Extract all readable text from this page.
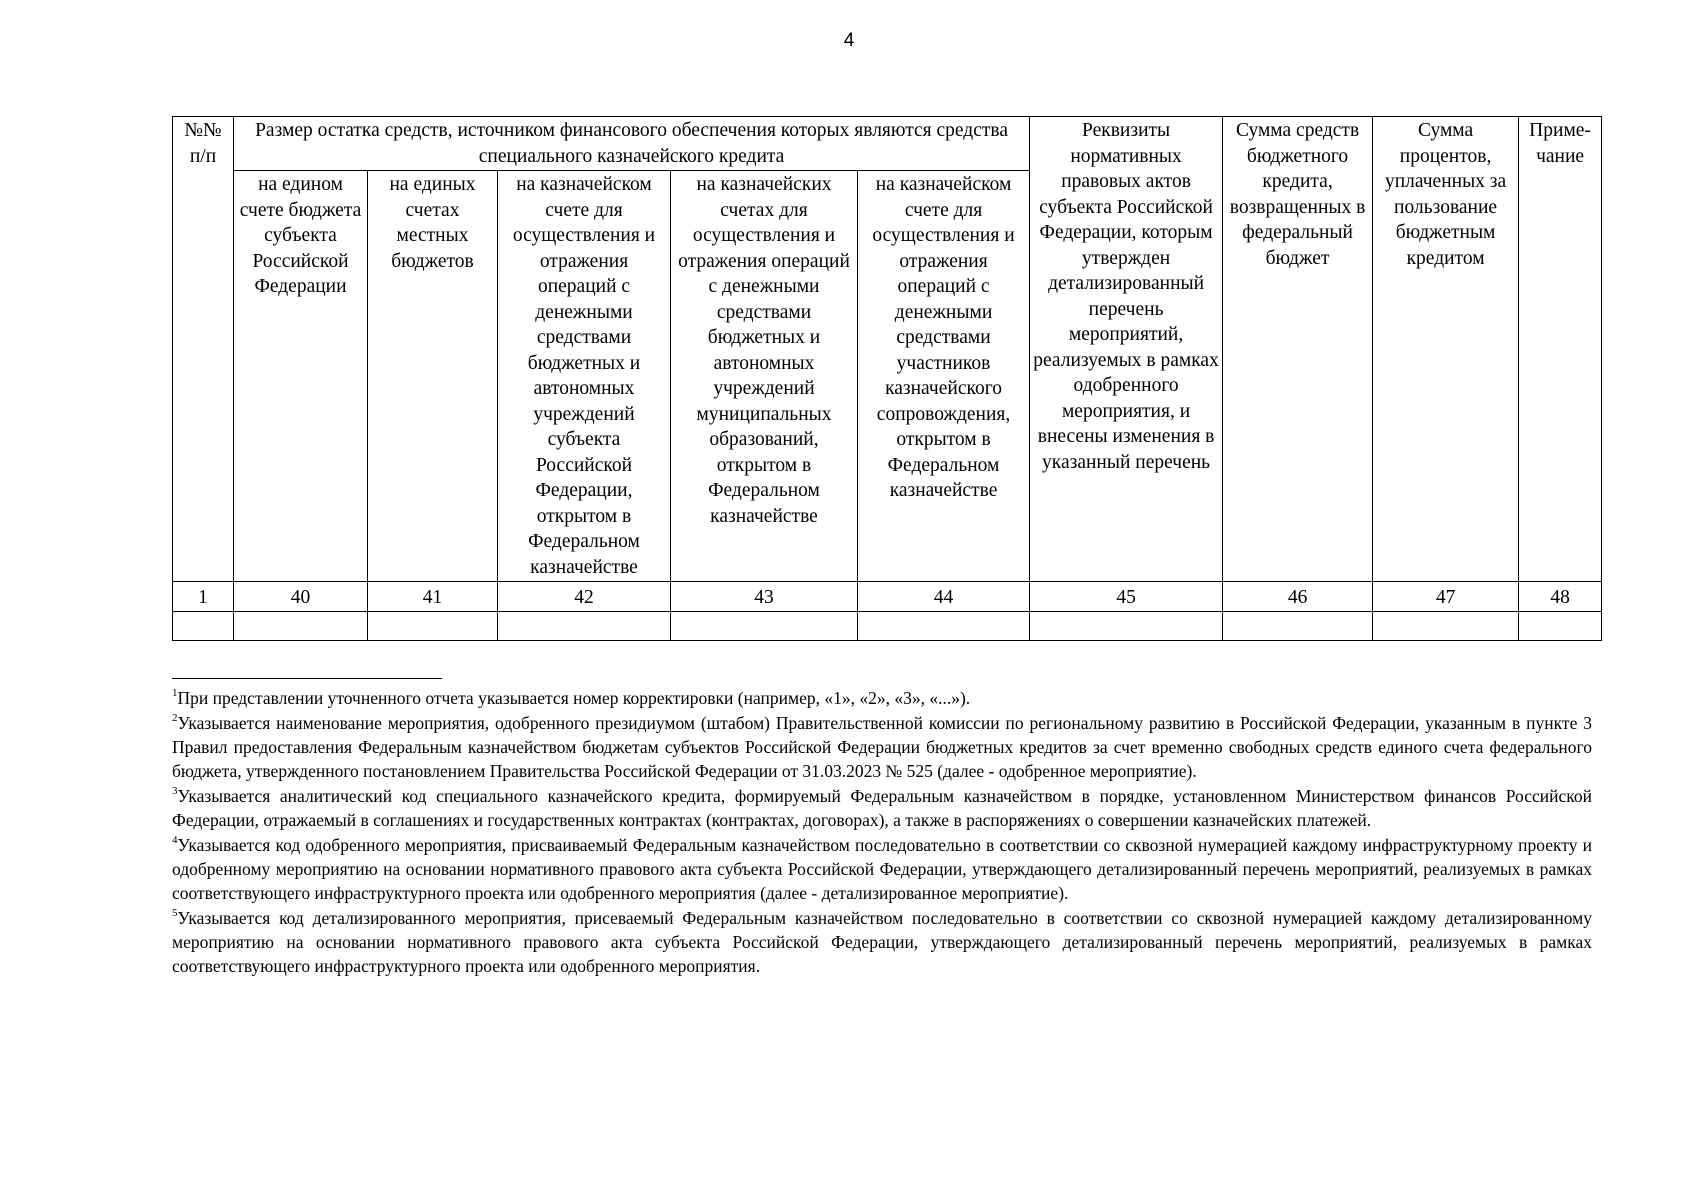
4
№№ п/п	Размер остатка средств, источником финансового обеспечения которых являются средства специального казначейского кредита					Реквизиты нормативных правовых актов субъекта Российской Федерации, которым утвержден детализированный перечень мероприятий, реализуемых в рамках одобренного мероприятия, и внесены изменения в указанный перечень	Сумма средств бюджетного кредита, возвращенных в федеральный бюджет	Сумма процентов, уплаченных за пользование бюджетным кредитом	Приме-чание
	на едином счете бюджета субъекта Российской Федерации	на единых счетах местных бюджетов	на казначейском счете для осуществления и отражения операций с денежными средствами бюджетных и автономных учреждений субъекта Российской Федерации, открытом в Федеральном казначействе	на казначейских счетах для осуществления и отражения операций с денежными средствами бюджетных и автономных учреждений муниципальных образований, открытом в Федеральном казначействе	на казначейском счете для осуществления и отражения операций с денежными средствами участников казначейского сопровождения, открытом в Федеральном казначействе				
1	40	41	42	43	44	45	46	47	48

$^1$При представлении уточненного отчета указывается номер корректировки (например, «1», «2», «3», «...»).

$^2$Указывается наименование мероприятия, одобренного президиумом (штабом) Правительственной комиссии по региональному развитию в Российской Федерации, указанным в пункте 3 Правил предоставления Федеральным казначейством бюджетам субъектов Российской Федерации бюджетных кредитов за счет временно свободных средств единого счета федерального бюджета, утвержденного постановлением Правительства Российской Федерации от 31.03.2023 № 525 (далее - одобренное мероприятие).

$^3$Указывается аналитический код специального казначейского кредита, формируемый Федеральным казначейством в порядке, установленном Министерством финансов Российской Федерации, отражаемый в соглашениях и государственных контрактах (контрактах, договорах), а также в распоряжениях о совершении казначейских платежей.

$^4$Указывается код одобренного мероприятия, присваиваемый Федеральным казначейством последовательно в соответствии со сквозной нумерацией каждому инфраструктурному проекту и одобренному мероприятию на основании нормативного правового акта субъекта Российской Федерации, утверждающего детализированный перечень мероприятий, реализуемых в рамках соответствующего инфраструктурного проекта или одобренного мероприятия (далее - детализированное мероприятие).

$^5$Указывается код детализированного мероприятия, присеваемый Федеральным казначейством последовательно в соответствии со сквозной нумерацией каждому детализированному мероприятию на основании нормативного правового акта субъекта Российской Федерации, утверждающего детализированный перечень мероприятий, реализуемых в рамках соответствующего инфраструктурного проекта или одобренного мероприятия.
